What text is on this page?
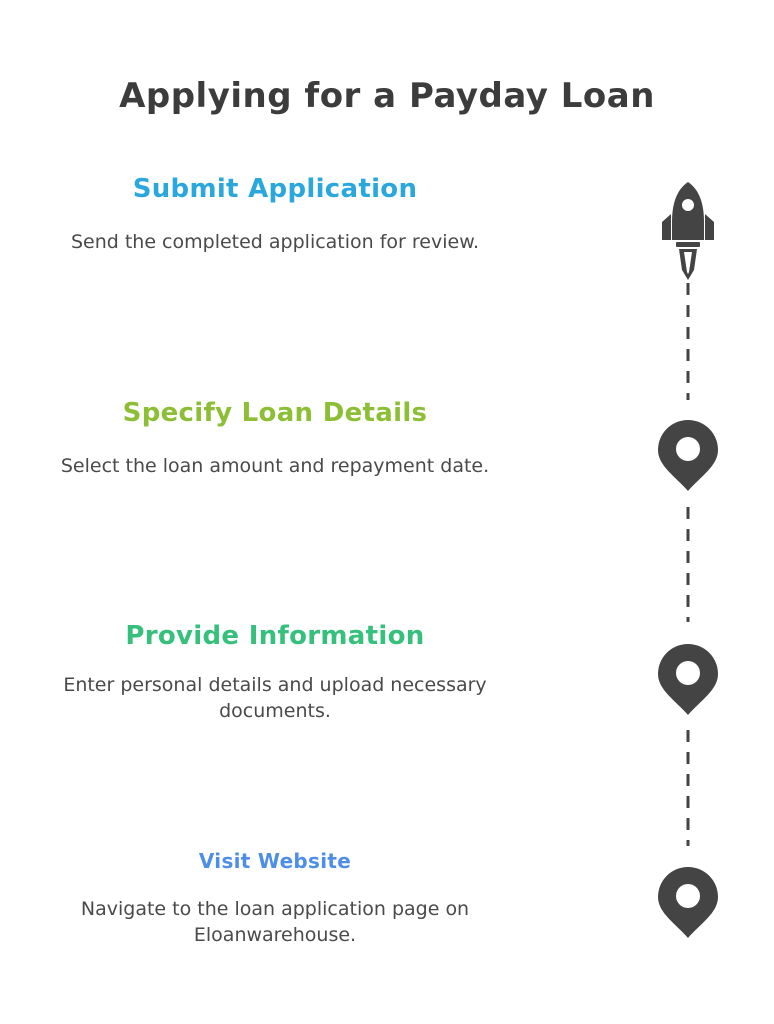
Applying for a Payday Loan
Submit Application
Send the completed application for review.
Specify Loan Details
Select the loan amount and repayment date.
Provide Information
Enter personal details and upload necessary documents.
Visit Website
Navigate to the loan application page on Eloanwarehouse.
